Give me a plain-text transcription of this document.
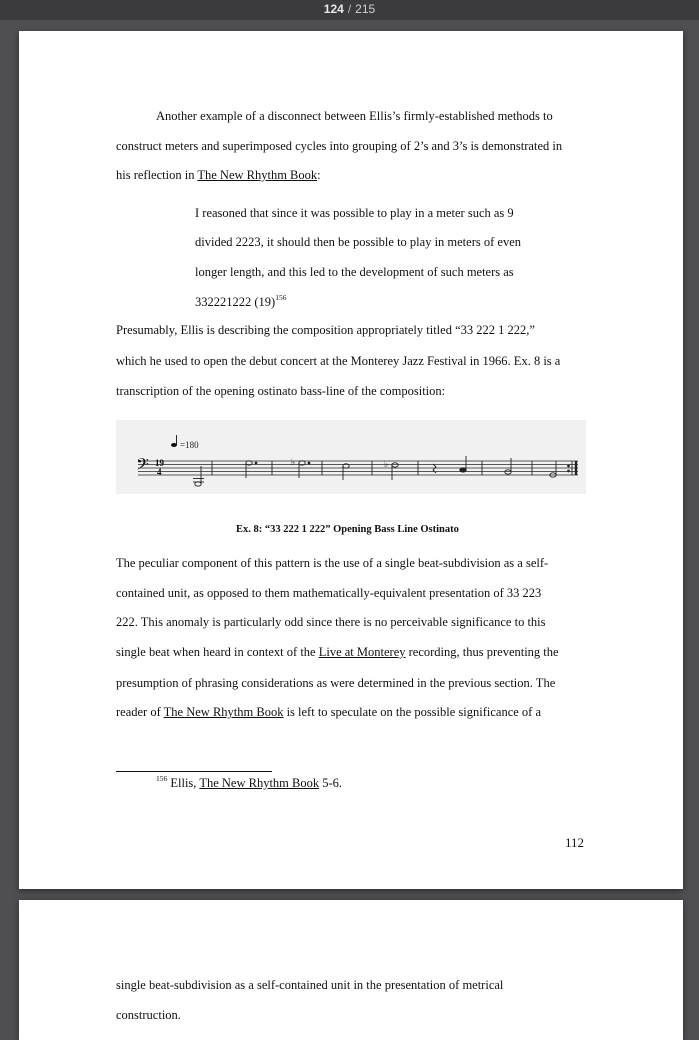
124 / 215
Another example of a disconnect between Ellis’s firmly-established methods to
construct meters and superimposed cycles into grouping of 2’s and 3’s is demonstrated in
his reflection in The New Rhythm Book:
I reasoned that since it was possible to play in a meter such as 9
divided 2223, it should then be possible to play in meters of even
longer length, and this led to the development of such meters as
332221222 $(19)^{156}$
Presumably, Ellis is describing the composition appropriately titled “33 222 1 222,”
which he used to open the debut concert at the Monterey Jazz Festival in 1966. Ex. 8 is a
transcription of the opening ostinato bass-line of the composition:
=180
𝄢 19
4
♭	♭
Ex. 8: “33 222 1 222” Opening Bass Line Ostinato
The peculiar component of this pattern is the use of a single beat-subdivision as a self-
contained unit, as opposed to them mathematically-equivalent presentation of 33 223
222. This anomaly is particularly odd since there is no perceivable significance to this
single beat when heard in context of the Live at Monterey recording, thus preventing the
presumption of phrasing considerations as were determined in the previous section. The
reader of The New Rhythm Book is left to speculate on the possible significance of a
$^{156}$ Ellis, The New Rhythm Book 5-6.
112
single beat-subdivision as a self-contained unit in the presentation of metrical
construction.
